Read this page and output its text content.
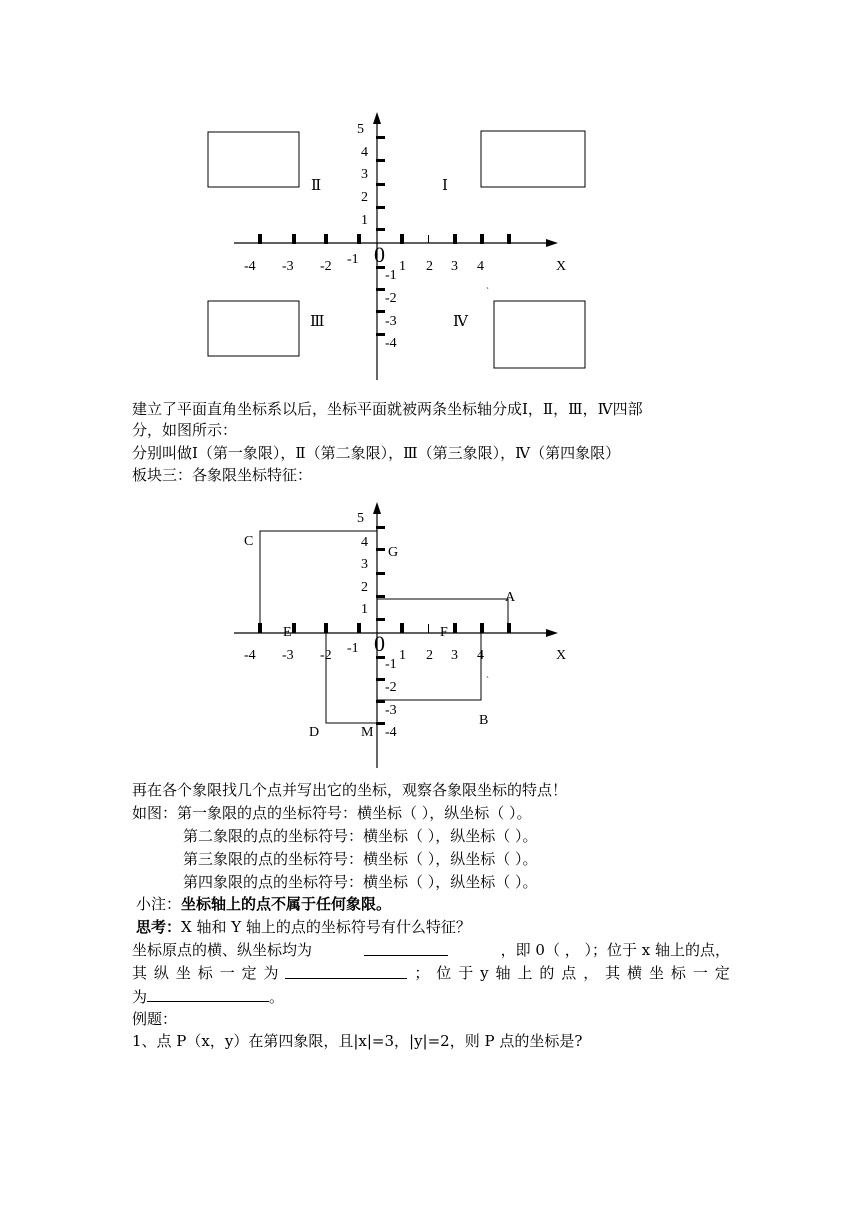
5
4
3
2
1
-1
-2
-3
-4
-4 -3 -2 -1	1 2 3 4	X
0
ˎ
Ⅱ	Ⅰ
Ⅲ	Ⅳ
建立了平面直角坐标系以后，坐标平面就被两条坐标轴分成Ⅰ，Ⅱ，Ⅲ，Ⅳ四部
分，如图所示：
分别叫做Ⅰ（第一象限），Ⅱ（第二象限），Ⅲ（第三象限），Ⅳ（第四象限）
板块三：各象限坐标特征：
5
4
3
2
1
-1
-2
-3
-4
-4 -3 -2 -1	1 2 3 4	X
0
ˎ
C
G
A
E	F
B
D	M
再在各个象限找几个点并写出它的坐标，观察各象限坐标的特点！
如图：第一象限的点的坐标符号：横坐标（ ），纵坐标（ ）。
第二象限的点的坐标符号：横坐标（ ），纵坐标（ ）。
第三象限的点的坐标符号：横坐标（ ），纵坐标（ ）。
第四象限的点的坐标符号：横坐标（ ），纵坐标（ ）。
小注：坐标轴上的点不属于任何象限。
思考：X 轴和 Y 轴上的点的坐标符号有什么特征？
坐标原点的横、纵坐标均为	，即 0（ ， ）；位于 x 轴上的点，
其 纵 坐 标 一 定 为	； 位 于 y 轴 上 的 点 ， 其 横 坐 标 一 定
为	。
例题：
1、点 P（x，y）在第四象限，且|x|=3，|y|=2，则 P 点的坐标是?
